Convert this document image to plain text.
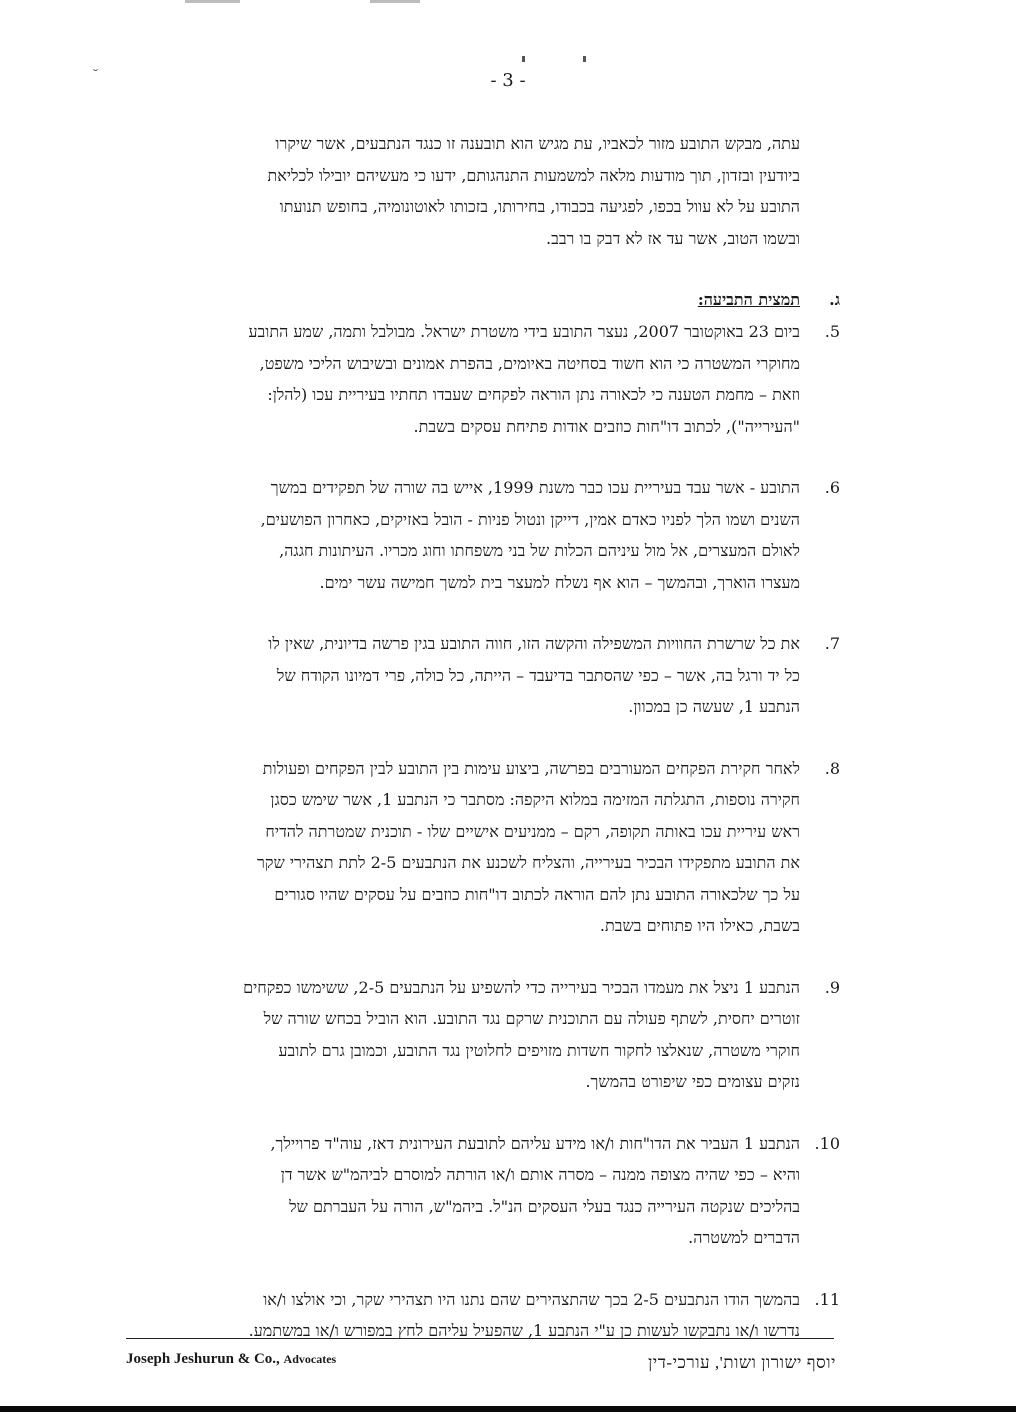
˘	- 3 -

עתה, מבקש התובע מזור לכאביו, עת מגיש הוא תובענה זו כנגד הנתבעים, אשר שיקרו

ביודעין ובזדון, תוך מודעות מלאה למשמעות התנהגותם, ידעו כי מעשיהם יובילו לכליאת

התובע על לא עוול בכפו, לפגיעה בכבודו, בחירותו, בזכותו לאוטונומיה, בחופש תנועתו

ובשמו הטוב, אשר עד אז לא דבק בו רבב.

ג.
תמצית התביעה:
5.

ביום 23 באוקטובר 2007, נעצר התובע בידי משטרת ישראל. מבולבל ותמה, שמע התובע

מחוקרי המשטרה כי הוא חשוד בסחיטה באיומים, בהפרת אמונים ובשיבוש הליכי משפט,

וזאת – מחמת הטענה כי לכאורה נתן הוראה לפקחים שעבדו תחתיו בעיריית עכו (להלן:

"העירייה"), לכתוב דו"חות כוזבים אודות פתיחת עסקים בשבת.

6.

התובע - אשר עבד בעיריית עכו כבר משנת 1999, אייש בה שורה של תפקידים במשך

השנים ושמו הלך לפניו כאדם אמין, דייקן ונטול פניות - הובל באזיקים, כאחרון הפושעים,

לאולם המעצרים, אל מול עיניהם הכלות של בני משפחתו וחוג מכריו. העיתונות חגגה,

מעצרו הוארך, ובהמשך – הוא אף נשלח למעצר בית למשך חמישה עשר ימים.

7.

את כל שרשרת החוויות המשפילה והקשה הזו, חווה התובע בגין פרשה בדיונית, שאין לו

כל יד ורגל בה, אשר – כפי שהסתבר בדיעבד – הייתה, כל כולה, פרי דמיונו הקודח של

הנתבע 1, שעשה כן במכוון.

8.

לאחר חקירת הפקחים המעורבים בפרשה, ביצוע עימות בין התובע לבין הפקחים ופעולות

חקירה נוספות, התגלתה המזימה במלוא היקפה: מסתבר כי הנתבע 1, אשר שימש כסגן

ראש עיריית עכו באותה תקופה, רקם – ממניעים אישיים שלו - תוכנית שמטרתה להדיח

את התובע מתפקידו הבכיר בעירייה, והצליח לשכנע את הנתבעים 2-5 לתת תצהירי שקר

על כך שלכאורה התובע נתן להם הוראה לכתוב דו"חות כוזבים על עסקים שהיו סגורים

בשבת, כאילו היו פתוחים בשבת.

9.

הנתבע 1 ניצל את מעמדו הבכיר בעירייה כדי להשפיע על הנתבעים 2-5, ששימשו כפקחים

זוטרים יחסית, לשתף פעולה עם התוכנית שרקם נגד התובע. הוא הוביל בכחש שורה של

חוקרי משטרה, שנאלצו לחקור חשדות מזויפים לחלוטין נגד התובע, וכמובן גרם לתובע

נזקים עצומים כפי שיפורט בהמשך.

10.

הנתבע 1 העביר את הדו"חות ו/או מידע עליהם לתובעת העירונית דאז, עוה"ד פרויילך,

והיא – כפי שהיה מצופה ממנה – מסרה אותם ו/או הורתה למוסרם לביהמ"ש אשר דן

בהליכים שנקטה העירייה כנגד בעלי העסקים הנ"ל. ביהמ"ש, הורה על העברתם של

הדברים למשטרה.

11.

בהמשך הודו הנתבעים 2-5 בכך שהתצהירים שהם נתנו היו תצהירי שקר, וכי אולצו ו/או

נדרשו ו/או נתבקשו לעשות כן ע"י הנתבע 1, שהפעיל עליהם לחץ במפורש ו/או במשתמע.

Joseph Jeshurun & Co., Advocates	יוסף ישורון ושות', עורכי-דין
